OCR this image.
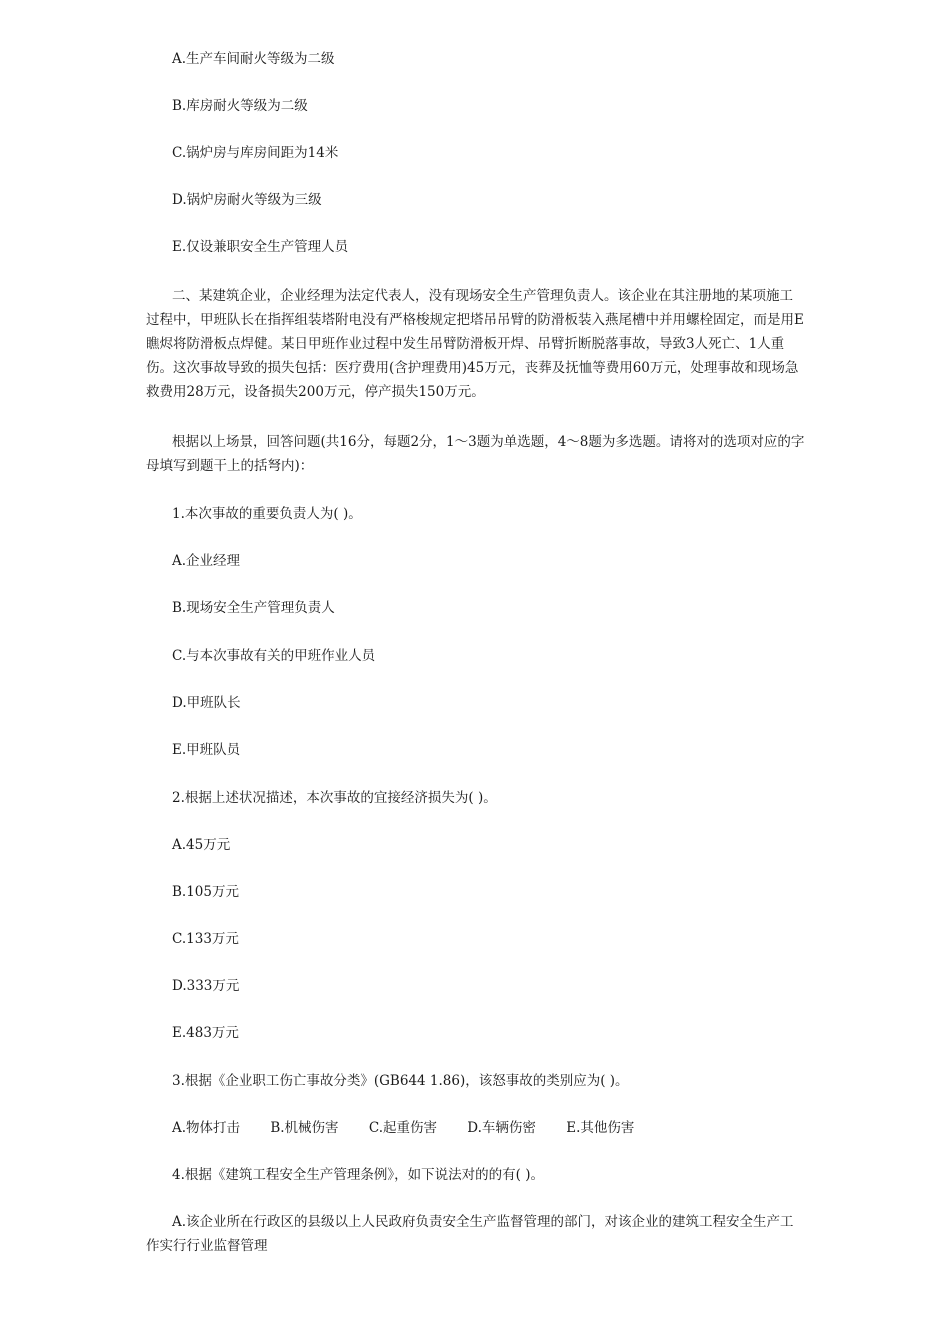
A.生产车间耐火等级为二级
B.库房耐火等级为二级
C.锅炉房与库房间距为14米
D.锅炉房耐火等级为三级
E.仅设兼职安全生产管理人员
二、某建筑企业，企业经理为法定代表人，没有现场安全生产管理负责人。该企业在其注册地的某项施工过程中，甲班队长在指挥组装塔附电没有严格梭规定把塔吊吊臂的防滑板装入燕尾槽中并用螺栓固定，而是用E瞧烬将防滑板点焊健。某日甲班作业过程中发生吊臂防滑板开焊、吊臂折断脱落事故，导致3人死亡、1人重伤。这次事故导致的损失包括：医疗费用(含护理费用)45万元，丧葬及抚恤等费用60万元，处理事故和现场急救费用28万元，设备损失200万元，停产损失150万元。
根据以上场景，回答问题(共16分，每题2分，1～3题为单选题，4～8题为多选题。请将对的选项对应的字母填写到题干上的括弩内)：
1.本次事故的重要负责人为( )。
A.企业经理
B.现场安全生产管理负责人
C.与本次事故有关的甲班作业人员
D.甲班队长
E.甲班队员
2.根据上述状况描述，本次事故的宜接经济损失为( )。
A.45万元
B.105万元
C.133万元
D.333万元
E.483万元
3.根据《企业职工伤亡事故分类》(GB644 1.86)，该怒事故的类别应为( )。
A.物体打击 B.机械伤害 C.起重伤害 D.车辆伤密 E.其他伤害
4.根据《建筑工程安全生产管理条例》，如下说法对的的有( )。
A.该企业所在行政区的县级以上人民政府负责安全生产监督管理的部门，对该企业的建筑工程安全生产工作实行行业监督管理
